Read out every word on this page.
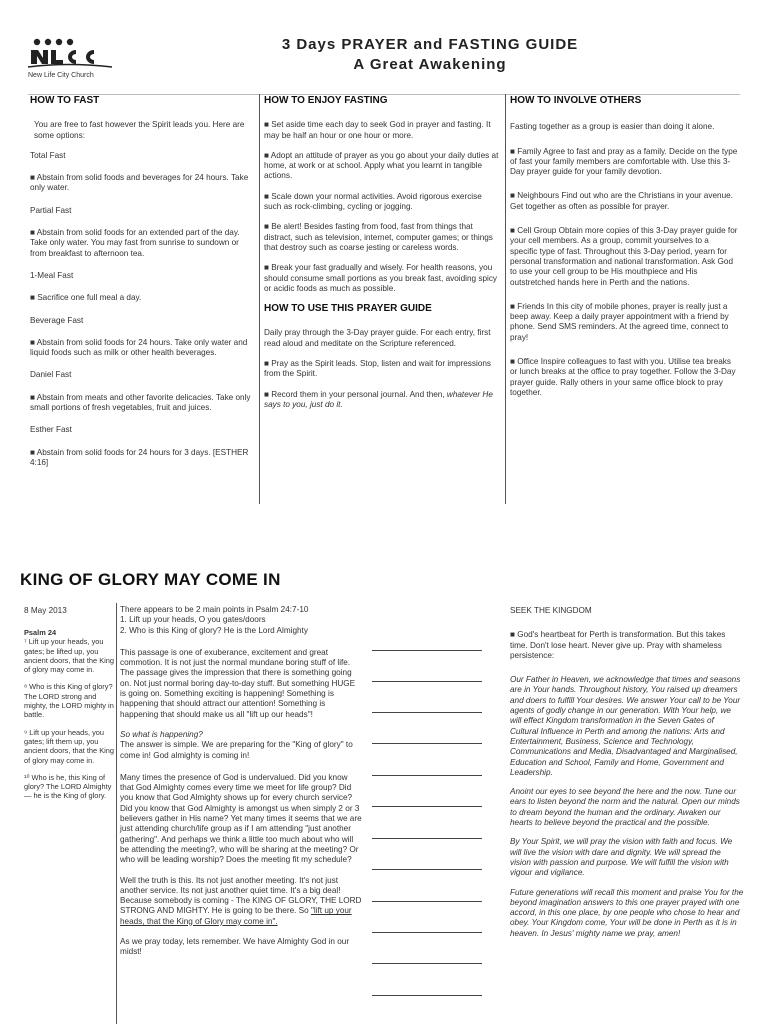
New Life City Church
3 Days PRAYER and FASTING GUIDE
A Great Awakening
HOW TO FAST

You are free to fast however the Spirit leads you. Here are some options:

Total Fast

■ Abstain from solid foods and beverages for 24 hours. Take only water.

Partial Fast

■ Abstain from solid foods for an extended part of the day. Take only water. You may fast from sunrise to sundown or from breakfast to afternoon tea.

1-Meal Fast

■ Sacrifice one full meal a day.

Beverage Fast

■ Abstain from solid foods for 24 hours. Take only water and liquid foods such as milk or other health beverages.

Daniel Fast

■ Abstain from meats and other favorite delicacies. Take only small portions of fresh vegetables, fruit and juices.

Esther Fast

■ Abstain from solid foods for 24 hours for 3 days. [ESTHER 4:16]

HOW TO ENJOY FASTING

■ Set aside time each day to seek God in prayer and fasting. It may be half an hour or one hour or more.

■ Adopt an attitude of prayer as you go about your daily duties at home, at work or at school. Apply what you learnt in tangible actions.

■ Scale down your normal activities. Avoid rigorous exercise such as rock-climbing, cycling or jogging.

■ Be alert! Besides fasting from food, fast from things that distract, such as television, internet, computer games; or things that destroy such as coarse jesting or careless words.

■ Break your fast gradually and wisely. For health reasons, you should consume small portions as you break fast, avoiding spicy or acidic foods as much as possible.

HOW TO USE THIS PRAYER GUIDE

Daily pray through the 3-Day prayer guide. For each entry, first read aloud and meditate on the Scripture referenced.

■ Pray as the Spirit leads. Stop, listen and wait for impressions from the Spirit.

■ Record them in your personal journal. And then, whatever He says to you, just do it.

HOW TO INVOLVE OTHERS

Fasting together as a group is easier than doing it alone.

■ Family Agree to fast and pray as a family. Decide on the type of fast your family members are comfortable with. Use this 3-Day prayer guide for your family devotion.

■ Neighbours Find out who are the Christians in your avenue. Get together as often as possible for prayer.

■ Cell Group Obtain more copies of this 3-Day prayer guide for your cell members. As a group, commit yourselves to a specific type of fast. Throughout this 3-Day period, yearn for personal transformation and national transformation. Ask God to use your cell group to be His mouthpiece and His outstretched hands here in Perth and the nations.

■ Friends In this city of mobile phones, prayer is really just a beep away. Keep a daily prayer appointment with a friend by phone. Send SMS reminders. At the agreed time, connect to pray!

■ Office Inspire colleagues to fast with you. Utilise tea breaks or lunch breaks at the office to pray together. Follow the 3-Day prayer guide. Rally others in your same office block to pray together.

KING OF GLORY MAY COME IN
8 May 2013

Psalm 24

⁷ Lift up your heads, you gates; be lifted up, you ancient doors, that the King of glory may come in.

⁸ Who is this King of glory? The LORD strong and mighty, the LORD mighty in battle.

⁹ Lift up your heads, you gates; lift them up, you ancient doors, that the King of glory may come in.

¹⁰ Who is he, this King of glory? The LORD Almighty— he is the King of glory.

There appears to be 2 main points in Psalm 24:7-10

1. Lift up your heads, O you gates/doors

2. Who is this King of glory? He is the Lord Almighty

This passage is one of exuberance, excitement and great commotion. It is not just the normal mundane boring stuff of life. The passage gives the impression that there is something going on. Not just normal boring day-to-day stuff. But something HUGE is going on. Something exciting is happening! Something is happening that should attract our attention! Something is happening that should make us all "lift up our heads"!

So what is happening?

The answer is simple. We are preparing for the "King of glory" to come in! God almighty is coming in!

Many times the presence of God is undervalued. Did you know that God Almighty comes every time we meet for life group? Did you know that God Almighty shows up for every church service? Did you know that God Almighty is amongst us when simply 2 or 3 believers gather in His name? Yet many times it seems that we are just attending church/life group as if I am attending "just another gathering". And perhaps we think a little too much about who will be attending the meeting?, who will be sharing at the meeting? Or who will be leading worship? Does the meeting fit my schedule?

Well the truth is this. Its not just another meeting. It's not just another service. Its not just another quiet time. It's a big deal! Because somebody is coming - The KING OF GLORY, THE LORD STRONG AND MIGHTY. He is going to be there. So "lift up your heads, that the King of Glory may come in".

As we pray today, lets remember. We have Almighty God in our midst!

SEEK THE KINGDOM

■ God's heartbeat for Perth is transformation. But this takes time. Don't lose heart. Never give up. Pray with shameless persistence:

Our Father in Heaven, we acknowledge that times and seasons are in Your hands. Throughout history, You raised up dreamers and doers to fulfill Your desires. We answer Your call to be Your agents of godly change in our generation. With Your help, we will effect Kingdom transformation in the Seven Gates of Cultural Influence in Perth and among the nations: Arts and Entertainment, Business, Science and Technology, Communications and Media, Disadvantaged and Marginalised, Education and School, Family and Home, Government and Leadership.

Anoint our eyes to see beyond the here and the now. Tune our ears to listen beyond the norm and the natural. Open our minds to dream beyond the human and the ordinary. Awaken our hearts to believe beyond the practical and the possible.

By Your Spirit, we will pray the vision with faith and focus. We will live the vision with dare and dignity. We will spread the vision with passion and purpose. We will fulfill the vision with vigour and vigilance.

Future generations will recall this moment and praise You for the beyond imagination answers to this one prayer prayed with one accord, in this one place, by one people who chose to hear and obey. Your Kingdom come, Your will be done in Perth as it is in heaven. In Jesus' mighty name we pray, amen!
